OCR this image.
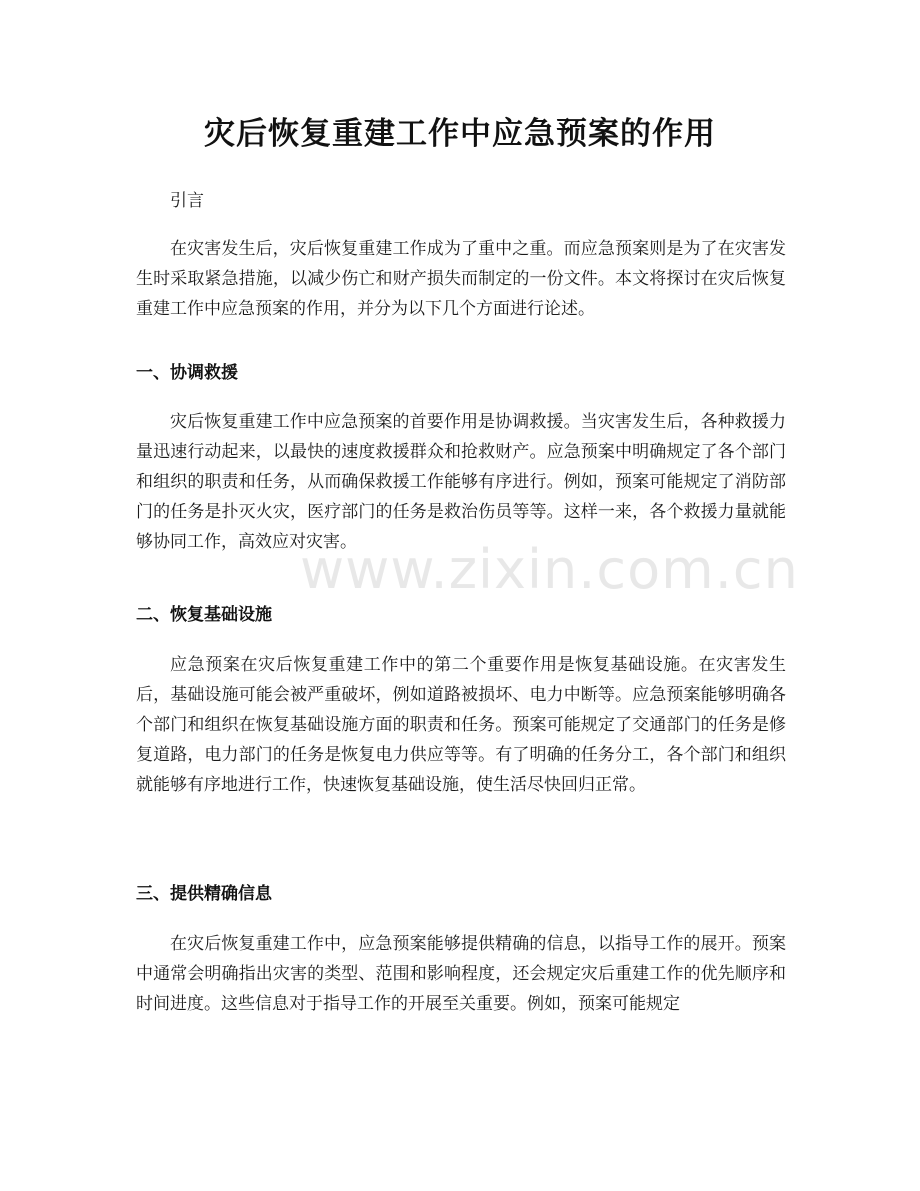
灾后恢复重建工作中应急预案的作用

引言

在灾害发生后，灾后恢复重建工作成为了重中之重。而应急预案则是为了在灾害发生时采取紧急措施，以减少伤亡和财产损失而制定的一份文件。本文将探讨在灾后恢复重建工作中应急预案的作用，并分为以下几个方面进行论述。

一、协调救援

灾后恢复重建工作中应急预案的首要作用是协调救援。当灾害发生后，各种救援力量迅速行动起来，以最快的速度救援群众和抢救财产。应急预案中明确规定了各个部门和组织的职责和任务，从而确保救援工作能够有序进行。例如，预案可能规定了消防部门的任务是扑灭火灾，医疗部门的任务是救治伤员等等。这样一来，各个救援力量就能够协同工作，高效应对灾害。

二、恢复基础设施

应急预案在灾后恢复重建工作中的第二个重要作用是恢复基础设施。在灾害发生后，基础设施可能会被严重破坏，例如道路被损坏、电力中断等。应急预案能够明确各个部门和组织在恢复基础设施方面的职责和任务。预案可能规定了交通部门的任务是修复道路，电力部门的任务是恢复电力供应等等。有了明确的任务分工，各个部门和组织就能够有序地进行工作，快速恢复基础设施，使生活尽快回归正常。

三、提供精确信息

在灾后恢复重建工作中，应急预案能够提供精确的信息，以指导工作的展开。预案中通常会明确指出灾害的类型、范围和影响程度，还会规定灾后重建工作的优先顺序和时间进度。这些信息对于指导工作的开展至关重要。例如，预案可能规定

www.zixin.com.cn
